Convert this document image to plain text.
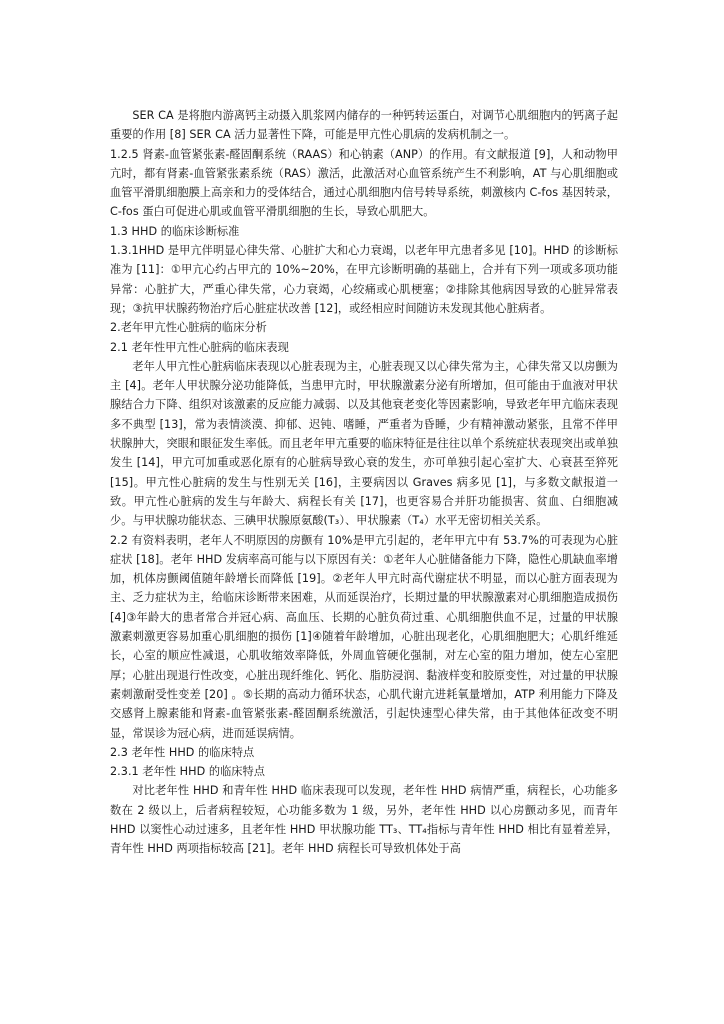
SER CA 是将胞内游离钙主动摄入肌浆网内储存的一种钙转运蛋白，对调节心肌细胞内的钙离子起重要的作用 [8] SER CA 活力显著性下降，可能是甲亢性心肌病的发病机制之一。
1.2.5 肾素-血管紧张素-醛固酮系统（RAAS）和心钠素（ANP）的作用。有文献报道 [9]，人和动物甲亢时，都有肾素-血管紧张素系统（RAS）激活，此激活对心血管系统产生不利影响，AT 与心肌细胞或血管平滑肌细胞膜上高亲和力的受体结合，通过心肌细胞内信号转导系统，刺激核内 C-fos 基因转录，C-fos 蛋白可促进心肌或血管平滑肌细胞的生长，导致心肌肥大。
1.3 HHD 的临床诊断标准
1.3.1HHD 是甲亢伴明显心律失常、心脏扩大和心力衰竭，以老年甲亢患者多见 [10]。HHD 的诊断标准为 [11]：①甲亢心约占甲亢的 10%~20%，在甲亢诊断明确的基础上，合并有下列一项或多项功能异常：心脏扩大，严重心律失常，心力衰竭，心绞痛或心肌梗塞；②排除其他病因导致的心脏异常表现；③抗甲状腺药物治疗后心脏症状改善 [12]，或经相应时间随访未发现其他心脏病者。
2.老年甲亢性心脏病的临床分析
2.1 老年性甲亢性心脏病的临床表现
老年人甲亢性心脏病临床表现以心脏表现为主，心脏表现又以心律失常为主，心律失常又以房颤为主 [4]。老年人甲状腺分泌功能降低，当患甲亢时，甲状腺激素分泌有所增加，但可能由于血液对甲状腺结合力下降、组织对该激素的反应能力减弱、以及其他衰老变化等因素影响，导致老年甲亢临床表现多不典型 [13]，常为表情淡漠、抑郁、迟钝、嗜睡，严重者为昏睡，少有精神激动紧张，且常不伴甲状腺肿大，突眼和眼征发生率低。而且老年甲亢重要的临床特征是往往以单个系统症状表现突出或单独发生 [14]，甲亢可加重或恶化原有的心脏病导致心衰的发生，亦可单独引起心室扩大、心衰甚至猝死 [15]。甲亢性心脏病的发生与性别无关 [16]，主要病因以 Graves 病多见 [1]，与多数文献报道一致。甲亢性心脏病的发生与年龄大、病程长有关 [17]，也更容易合并肝功能损害、贫血、白细胞减少。与甲状腺功能状态、三碘甲状腺原氨酸(T₃）、甲状腺素（T₄）水平无密切相关关系。
2.2 有资料表明，老年人不明原因的房颤有 10%是甲亢引起的，老年甲亢中有 53.7%的可表现为心脏症状 [18]。老年 HHD 发病率高可能与以下原因有关：①老年人心脏储备能力下降，隐性心肌缺血率增加，机体房颤阈值随年龄增长而降低 [19]。②老年人甲亢时高代谢症状不明显，而以心脏方面表现为主、乏力症状为主，给临床诊断带来困难，从而延误治疗，长期过量的甲状腺激素对心肌细胞造成损伤 [4]③年龄大的患者常合并冠心病、高血压、长期的心脏负荷过重、心肌细胞供血不足，过量的甲状腺激素刺激更容易加重心肌细胞的损伤 [1]④随着年龄增加，心脏出现老化，心肌细胞肥大；心肌纤维延长，心室的顺应性减退，心肌收缩效率降低，外周血管硬化强制，对左心室的阻力增加，使左心室肥厚；心脏出现退行性改变，心脏出现纤维化、钙化、脂肪浸润、黏液样变和胶原变性，对过量的甲状腺素刺激耐受性变差 [20] 。⑤长期的高动力循环状态，心肌代谢亢进耗氧量增加，ATP 利用能力下降及交感肾上腺素能和肾素-血管紧张素-醛固酮系统激活，引起快速型心律失常，由于其他体征改变不明显，常误诊为冠心病，进而延误病情。
2.3 老年性 HHD 的临床特点
2.3.1 老年性 HHD 的临床特点
对比老年性 HHD 和青年性 HHD 临床表现可以发现，老年性 HHD 病情严重，病程长，心功能多数在 2 级以上，后者病程较短，心功能多数为 1 级，另外，老年性 HHD 以心房颤动多见，而青年 HHD 以窦性心动过速多，且老年性 HHD 甲状腺功能 TT₃、TT₄指标与青年性 HHD 相比有显着差异，青年性 HHD 两项指标较高 [21]。老年 HHD 病程长可导致机体处于高
